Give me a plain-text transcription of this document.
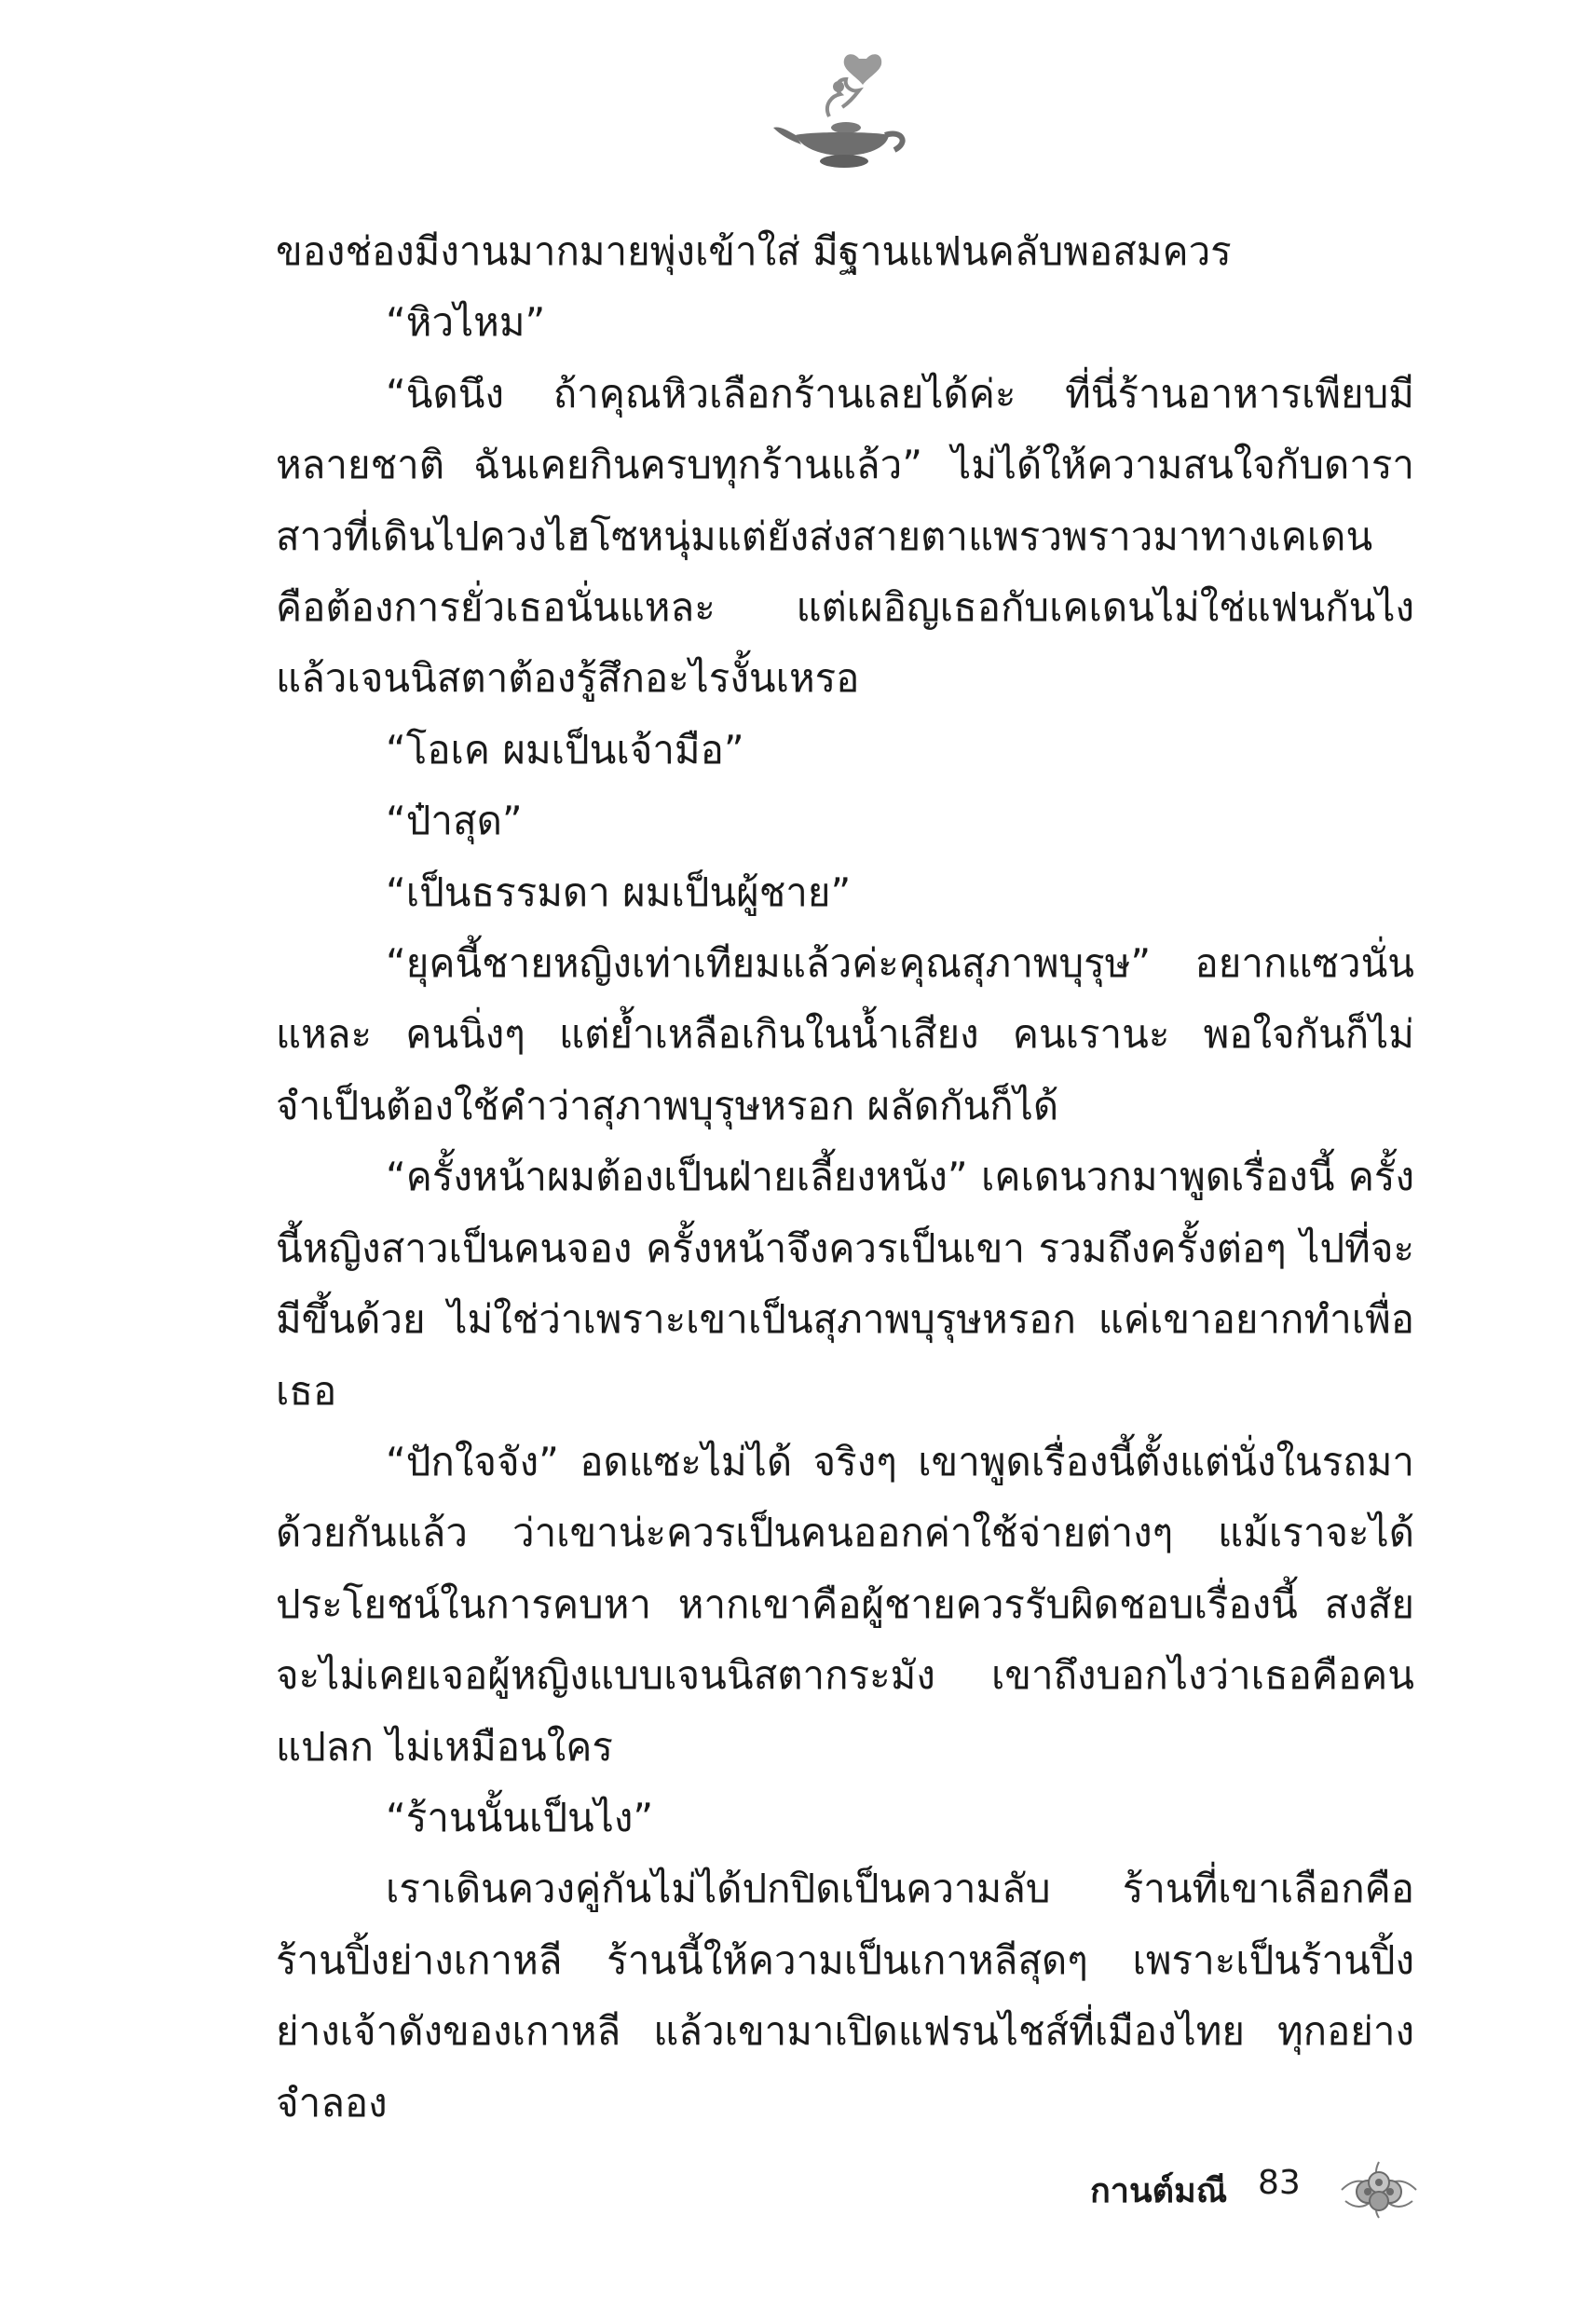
ของช่องมีงานมากมายพุ่งเข้าใส่ มีฐานแฟนคลับพอสมควร

“หิวไหม”

“นิดนึง ถ้าคุณหิวเลือกร้านเลยได้ค่ะ ที่นี่ร้านอาหารเพียบมีหลายชาติ ฉันเคยกินครบทุกร้านแล้ว” ไม่ได้ให้ความสนใจกับดาราสาวที่เดินไปควงไฮโซหนุ่มแต่ยังส่งสายตาแพรวพราวมาทางเคเดน คือต้องการยั่วเธอนั่นแหละ แต่เผอิญเธอกับเคเดนไม่ใช่แฟนกันไง แล้วเจนนิสตาต้องรู้สึกอะไรงั้นเหรอ

“โอเค ผมเป็นเจ้ามือ”

“ป๋าสุด”

“เป็นธรรมดา ผมเป็นผู้ชาย”

“ยุคนี้ชายหญิงเท่าเทียมแล้วค่ะคุณสุภาพบุรุษ” อยากแซวนั่นแหละ คนนิ่งๆ แต่ย้ำเหลือเกินในน้ำเสียง คนเรานะ พอใจกันก็ไม่จำเป็นต้องใช้คำว่าสุภาพบุรุษหรอก ผลัดกันก็ได้

“ครั้งหน้าผมต้องเป็นฝ่ายเลี้ยงหนัง” เคเดนวกมาพูดเรื่องนี้ ครั้งนี้หญิงสาวเป็นคนจอง ครั้งหน้าจึงควรเป็นเขา รวมถึงครั้งต่อๆ ไปที่จะมีขึ้นด้วย ไม่ใช่ว่าเพราะเขาเป็นสุภาพบุรุษหรอก แค่เขาอยากทำเพื่อเธอ

“ปักใจจัง” อดแซะไม่ได้ จริงๆ เขาพูดเรื่องนี้ตั้งแต่นั่งในรถมาด้วยกันแล้ว ว่าเขาน่ะควรเป็นคนออกค่าใช้จ่ายต่างๆ แม้เราจะได้ประโยชน์ในการคบหา หากเขาคือผู้ชายควรรับผิดชอบเรื่องนี้ สงสัยจะไม่เคยเจอผู้หญิงแบบเจนนิสตากระมัง เขาถึงบอกไงว่าเธอคือคนแปลก ไม่เหมือนใคร

“ร้านนั้นเป็นไง”

เราเดินควงคู่กันไม่ได้ปกปิดเป็นความลับ ร้านที่เขาเลือกคือร้านปิ้งย่างเกาหลี ร้านนี้ให้ความเป็นเกาหลีสุดๆ เพราะเป็นร้านปิ้งย่างเจ้าดังของเกาหลี แล้วเขามาเปิดแฟรนไชส์ที่เมืองไทย ทุกอย่างจำลอง

กานต์มณี 83
